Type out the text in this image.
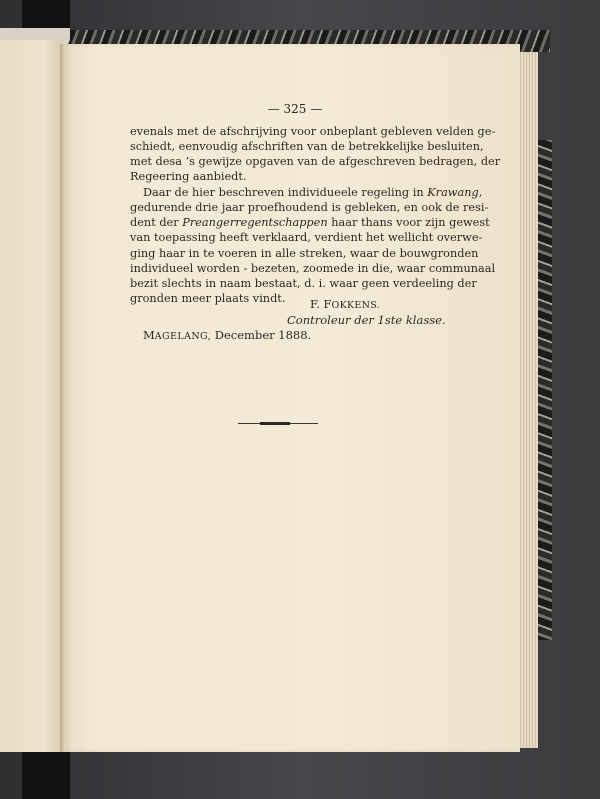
— 325 —
evenals met de afschrijving voor onbeplant gebleven velden ge-
schiedt, eenvoudig afschriften van de betrekkelijke besluiten,
met desa ’s gewijze opgaven van de afgeschreven bedragen, der
Regeering aanbiedt.
Daar de hier beschreven individueele regeling in Krawang,
gedurende drie jaar proefhoudend is gebleken, en ook de resi-
dent der Preangerregentschappen haar thans voor zijn gewest
van toepassing heeft verklaard, verdient het wellicht overwe-
ging haar in te voeren in alle streken, waar de bouwgronden
individueel worden - bezeten, zoomede in die, waar communaal
bezit slechts in naam bestaat, d. i. waar geen verdeeling der
gronden meer plaats vindt. F. FOKKENS.
Controleur der 1ste klasse.
MAGELANG, December 1888.
